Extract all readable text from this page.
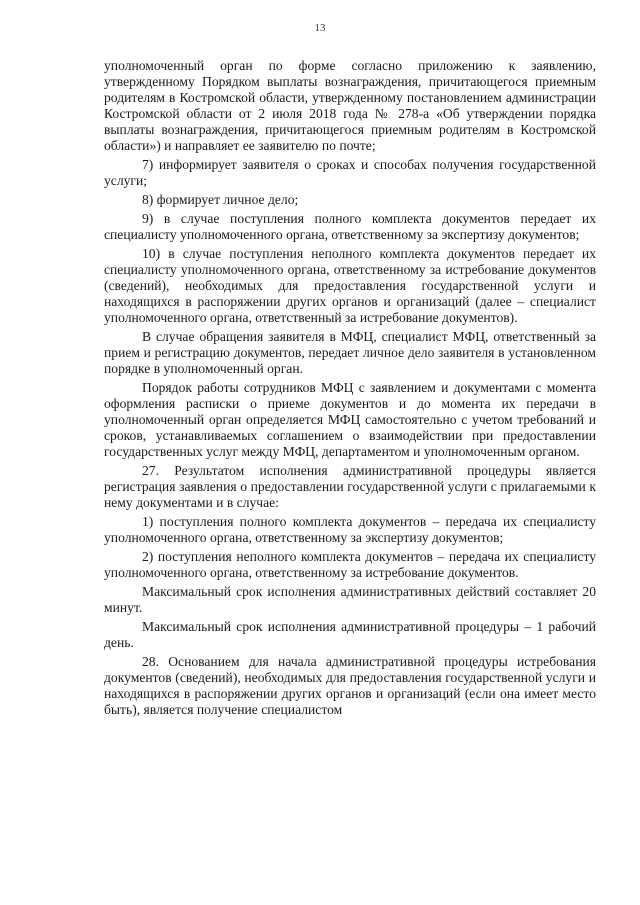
13

уполномоченный орган по форме согласно приложению к заявлению, утвержденному Порядком выплаты вознаграждения, причитающегося приемным родителям в Костромской области, утвержденному постановлением администрации Костромской области от 2 июля 2018 года № 278-а «Об утверждении порядка выплаты вознаграждения, причитающегося приемным родителям в Костромской области») и направляет ее заявителю по почте;

7) информирует заявителя о сроках и способах получения государственной услуги;

8) формирует личное дело;

9) в случае поступления полного комплекта документов передает их специалисту уполномоченного органа, ответственному за экспертизу документов;

10) в случае поступления неполного комплекта документов передает их специалисту уполномоченного органа, ответственному за истребование документов (сведений), необходимых для предоставления государственной услуги и находящихся в распоряжении других органов и организаций (далее – специалист уполномоченного органа, ответственный за истребование документов).

В случае обращения заявителя в МФЦ, специалист МФЦ, ответственный за прием и регистрацию документов, передает личное дело заявителя в установленном порядке в уполномоченный орган.

Порядок работы сотрудников МФЦ с заявлением и документами с момента оформления расписки о приеме документов и до момента их передачи в уполномоченный орган определяется МФЦ самостоятельно с учетом требований и сроков, устанавливаемых соглашением о взаимодействии при предоставлении государственных услуг между МФЦ, департаментом и уполномоченным органом.

27. Результатом исполнения административной процедуры является регистрация заявления о предоставлении государственной услуги с прилагаемыми к нему документами и в случае:

1) поступления полного комплекта документов – передача их специалисту уполномоченного органа, ответственному за экспертизу документов;

2) поступления неполного комплекта документов – передача их специалисту уполномоченного органа, ответственному за истребование документов.

Максимальный срок исполнения административных действий составляет 20 минут.

Максимальный срок исполнения административной процедуры – 1 рабочий день.

28. Основанием для начала административной процедуры истребования документов (сведений), необходимых для предоставления государственной услуги и находящихся в распоряжении других органов и организаций (если она имеет место быть), является получение специалистом
